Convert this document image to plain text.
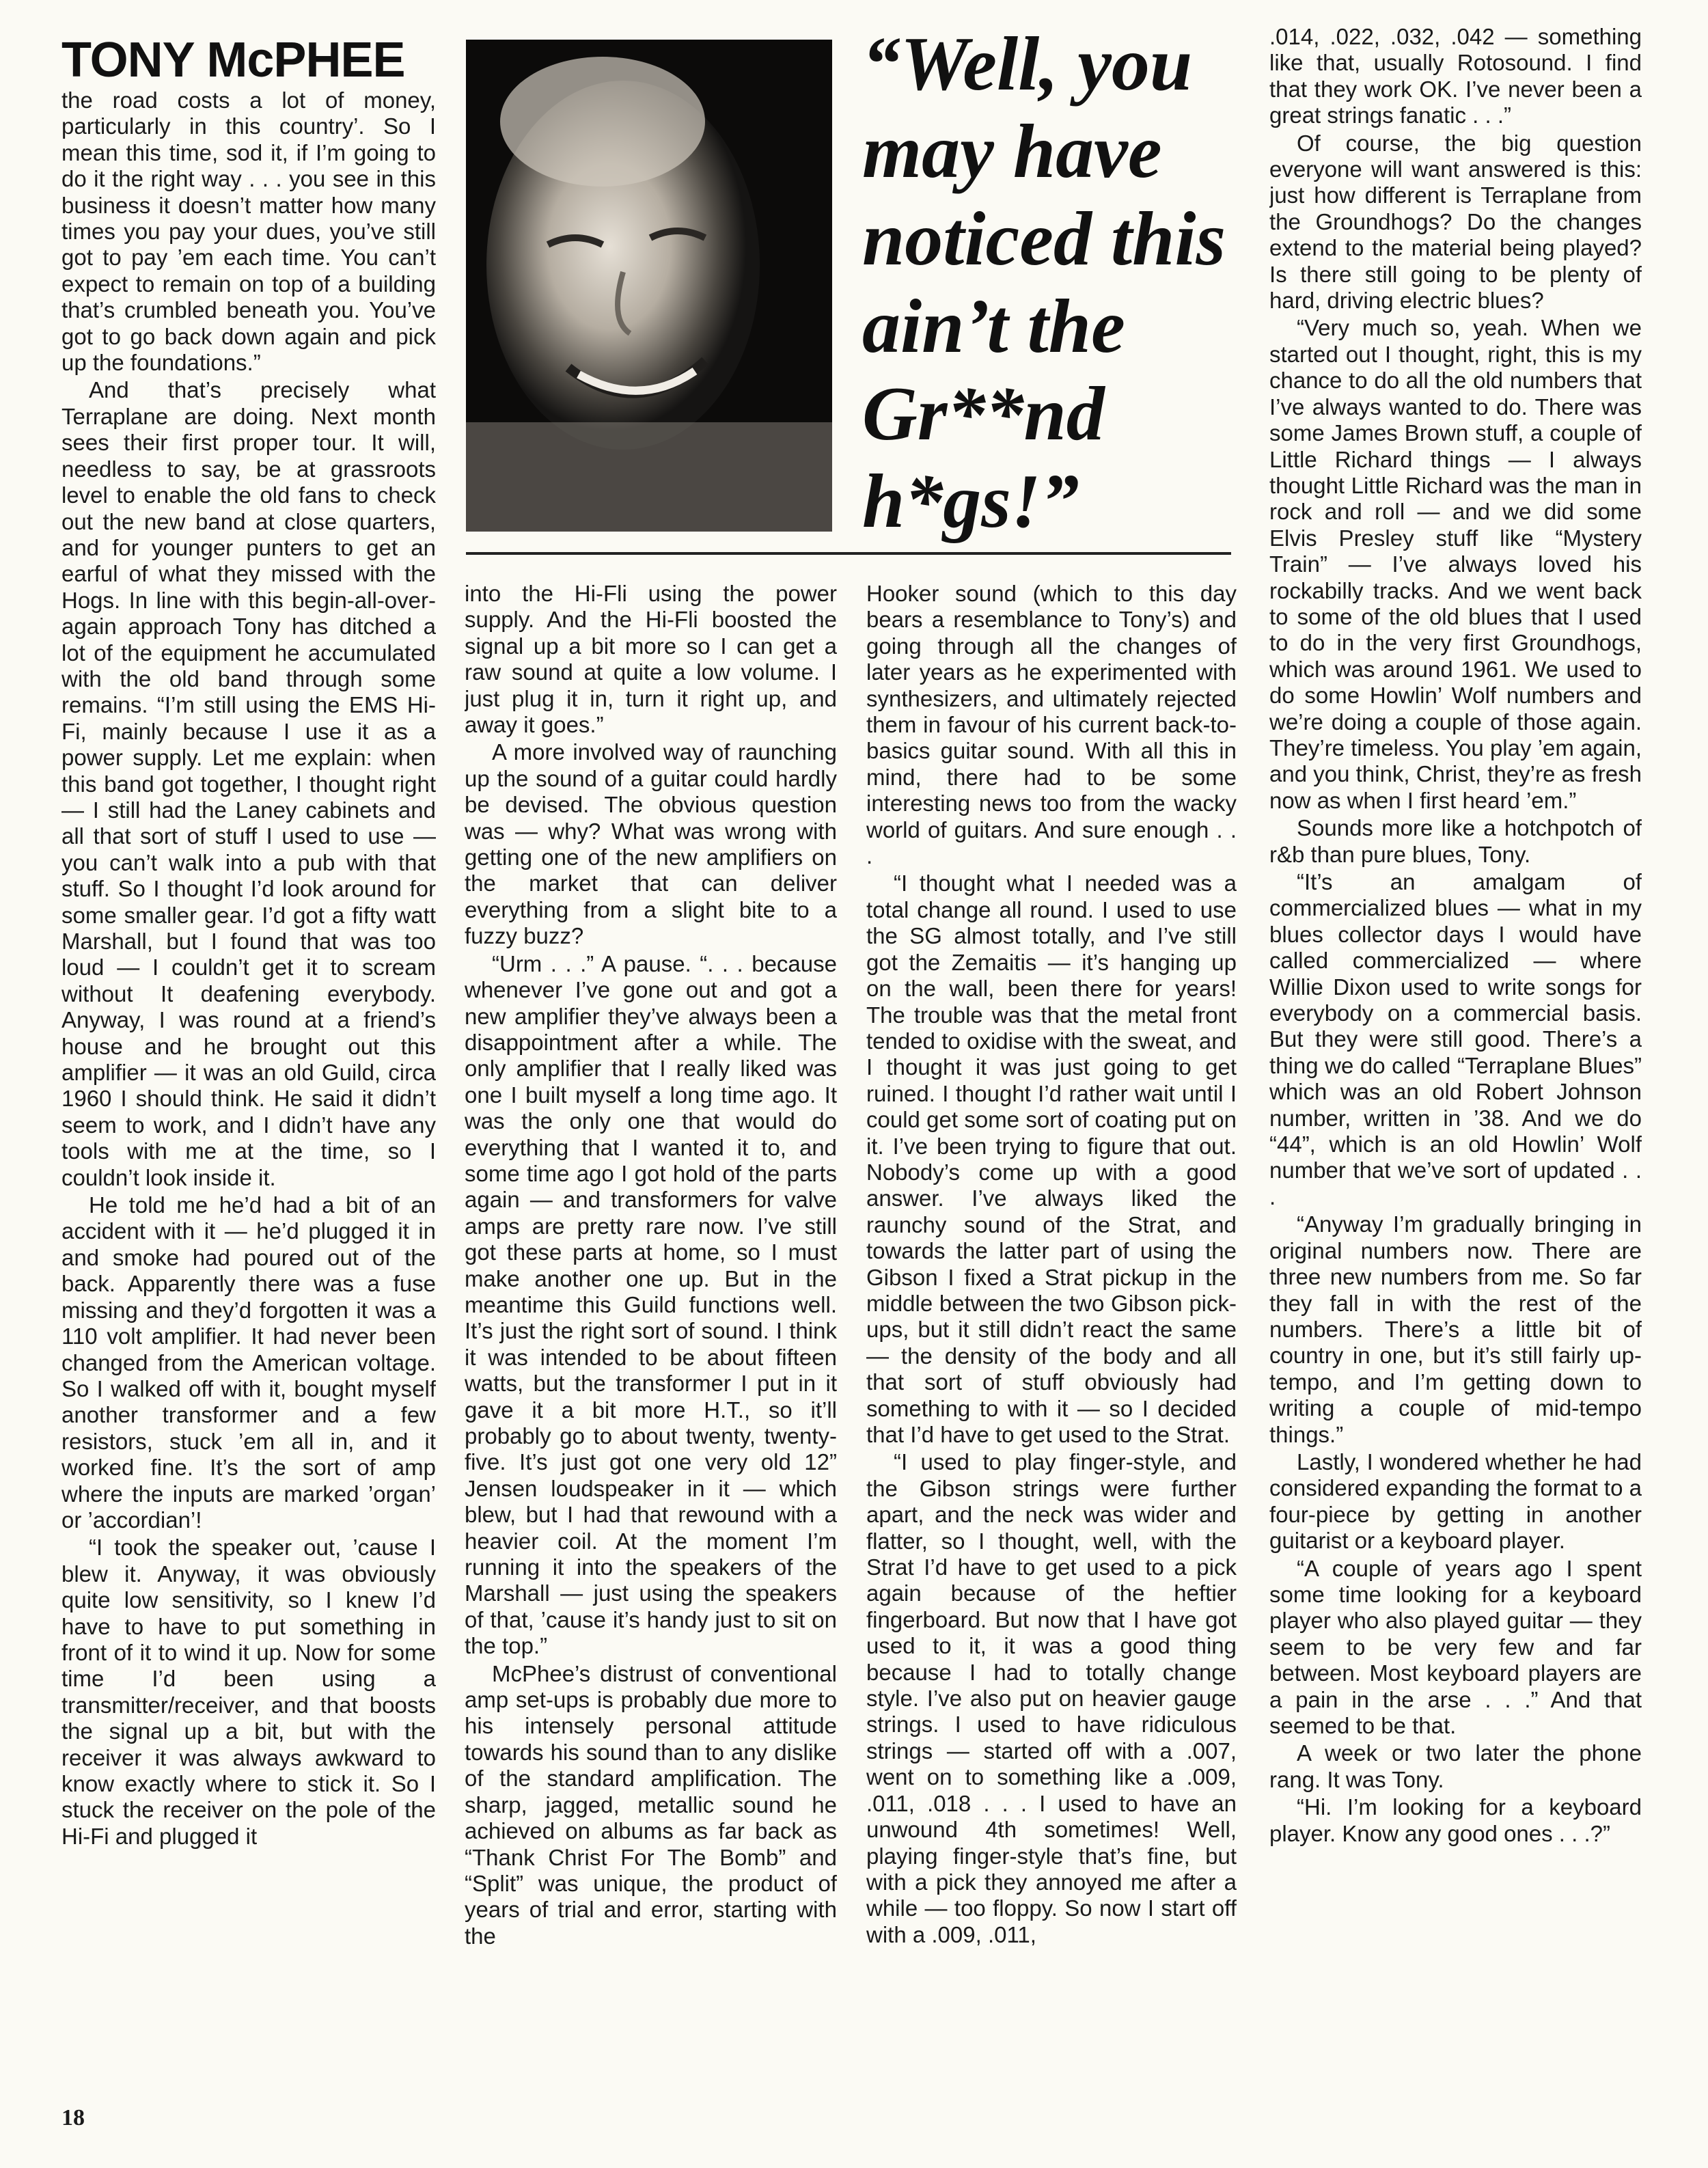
TONY McPHEE	“Well, you
may have
noticed this
ain’t the
Gr**nd
h*gs!”

the road costs a lot of money, particularly in this country’. So I mean this time, sod it, if I’m going to do it the right way . . . you see in this business it doesn’t matter how many times you pay your dues, you’ve still got to pay ’em each time. You can’t expect to remain on top of a building that’s crumbled beneath you. You’ve got to go back down again and pick up the foundations.”

And that’s precisely what Terraplane are doing. Next month sees their first proper tour. It will, needless to say, be at grassroots level to enable the old fans to check out the new band at close quarters, and for younger punters to get an earful of what they missed with the Hogs. In line with this begin-all-over-again approach Tony has ditched a lot of the equipment he accumulated with the old band through some remains. “I’m still using the EMS Hi-Fi, mainly because I use it as a power supply. Let me explain: when this band got together, I thought right — I still had the Laney cabinets and all that sort of stuff I used to use — you can’t walk into a pub with that stuff. So I thought I’d look around for some smaller gear. I’d got a fifty watt Marshall, but I found that was too loud — I couldn’t get it to scream without It deafening everybody. Anyway, I was round at a friend’s house and he brought out this amplifier — it was an old Guild, circa 1960 I should think. He said it didn’t seem to work, and I didn’t have any tools with me at the time, so I couldn’t look inside it.

He told me he’d had a bit of an accident with it — he’d plugged it in and smoke had poured out of the back. Apparently there was a fuse missing and they’d forgotten it was a 110 volt amplifier. It had never been changed from the American voltage. So I walked off with it, bought myself another transformer and a few resistors, stuck ’em all in, and it worked fine. It’s the sort of amp where the inputs are marked ’organ’ or ’accordian’!

“I took the speaker out, ’cause I blew it. Anyway, it was obviously quite low sensitivity, so I knew I’d have to have to put something in front of it to wind it up. Now for some time I’d been using a transmitter/receiver, and that boosts the signal up a bit, but with the receiver it was always awkward to know exactly where to stick it. So I stuck the receiver on the pole of the Hi-Fi and plugged it

into the Hi-Fli using the power supply. And the Hi-Fli boosted the signal up a bit more so I can get a raw sound at quite a low volume. I just plug it in, turn it right up, and away it goes.”

A more involved way of raunching up the sound of a guitar could hardly be devised. The obvious question was — why? What was wrong with getting one of the new amplifiers on the market that can deliver everything from a slight bite to a fuzzy buzz?

“Urm . . .” A pause. “. . . because whenever I’ve gone out and got a new amplifier they’ve always been a disappointment after a while. The only amplifier that I really liked was one I built myself a long time ago. It was the only one that would do everything that I wanted it to, and some time ago I got hold of the parts again — and transformers for valve amps are pretty rare now. I’ve still got these parts at home, so I must make another one up. But in the meantime this Guild functions well. It’s just the right sort of sound. I think it was intended to be about fifteen watts, but the transformer I put in it gave it a bit more H.T., so it’ll probably go to about twenty, twenty-five. It’s just got one very old 12” Jensen loudspeaker in it — which blew, but I had that rewound with a heavier coil. At the moment I’m running it into the speakers of the Marshall — just using the speakers of that, ’cause it’s handy just to sit on the top.”

McPhee’s distrust of conventional amp set-ups is probably due more to his intensely personal attitude towards his sound than to any dislike of the standard amplification. The sharp, jagged, metallic sound he achieved on albums as far back as “Thank Christ For The Bomb” and “Split” was unique, the product of years of trial and error, starting with the

Hooker sound (which to this day bears a resemblance to Tony’s) and going through all the changes of later years as he experimented with synthesizers, and ultimately rejected them in favour of his current back-to-basics guitar sound. With all this in mind, there had to be some interesting news too from the wacky world of guitars. And sure enough . . .

“I thought what I needed was a total change all round. I used to use the SG almost totally, and I’ve still got the Zemaitis — it’s hanging up on the wall, been there for years! The trouble was that the metal front tended to oxidise with the sweat, and I thought it was just going to get ruined. I thought I’d rather wait until I could get some sort of coating put on it. I’ve been trying to figure that out. Nobody’s come up with a good answer. I’ve always liked the raunchy sound of the Strat, and towards the latter part of using the Gibson I fixed a Strat pickup in the middle between the two Gibson pick-ups, but it still didn’t react the same — the density of the body and all that sort of stuff obviously had something to with it — so I decided that I’d have to get used to the Strat.

“I used to play finger-style, and the Gibson strings were further apart, and the neck was wider and flatter, so I thought, well, with the Strat I’d have to get used to a pick again because of the heftier fingerboard. But now that I have got used to it, it was a good thing because I had to totally change style. I’ve also put on heavier gauge strings. I used to have ridiculous strings — started off with a .007, went on to something like a .009, .011, .018 . . . I used to have an unwound 4th sometimes! Well, playing finger-style that’s fine, but with a pick they annoyed me after a while — too floppy. So now I start off with a .009, .011,

.014, .022, .032, .042 — something like that, usually Rotosound. I find that they work OK. I’ve never been a great strings fanatic . . .”

Of course, the big question everyone will want answered is this: just how different is Terraplane from the Groundhogs? Do the changes extend to the material being played? Is there still going to be plenty of hard, driving electric blues?

“Very much so, yeah. When we started out I thought, right, this is my chance to do all the old numbers that I’ve always wanted to do. There was some James Brown stuff, a couple of Little Richard things — I always thought Little Richard was the man in rock and roll — and we did some Elvis Presley stuff like “Mystery Train” — I’ve always loved his rockabilly tracks. And we went back to some of the old blues that I used to do in the very first Groundhogs, which was around 1961. We used to do some Howlin’ Wolf numbers and we’re doing a couple of those again. They’re timeless. You play ’em again, and you think, Christ, they’re as fresh now as when I first heard ’em.”

Sounds more like a hotchpotch of r&b than pure blues, Tony.

“It’s an amalgam of commercialized blues — what in my blues collector days I would have called commercialized — where Willie Dixon used to write songs for everybody on a commercial basis. But they were still good. There’s a thing we do called “Terraplane Blues” which was an old Robert Johnson number, written in ’38. And we do “44”, which is an old Howlin’ Wolf number that we’ve sort of updated . . .

“Anyway I’m gradually bringing in original numbers now. There are three new numbers from me. So far they fall in with the rest of the numbers. There’s a little bit of country in one, but it’s still fairly up-tempo, and I’m getting down to writing a couple of mid-tempo things.”

Lastly, I wondered whether he had considered expanding the format to a four-piece by getting in another guitarist or a keyboard player.

“A couple of years ago I spent some time looking for a keyboard player who also played guitar — they seem to be very few and far between. Most keyboard players are a pain in the arse . . .” And that seemed to be that.

A week or two later the phone rang. It was Tony.

“Hi. I’m looking for a keyboard player. Know any good ones . . .?”

18
